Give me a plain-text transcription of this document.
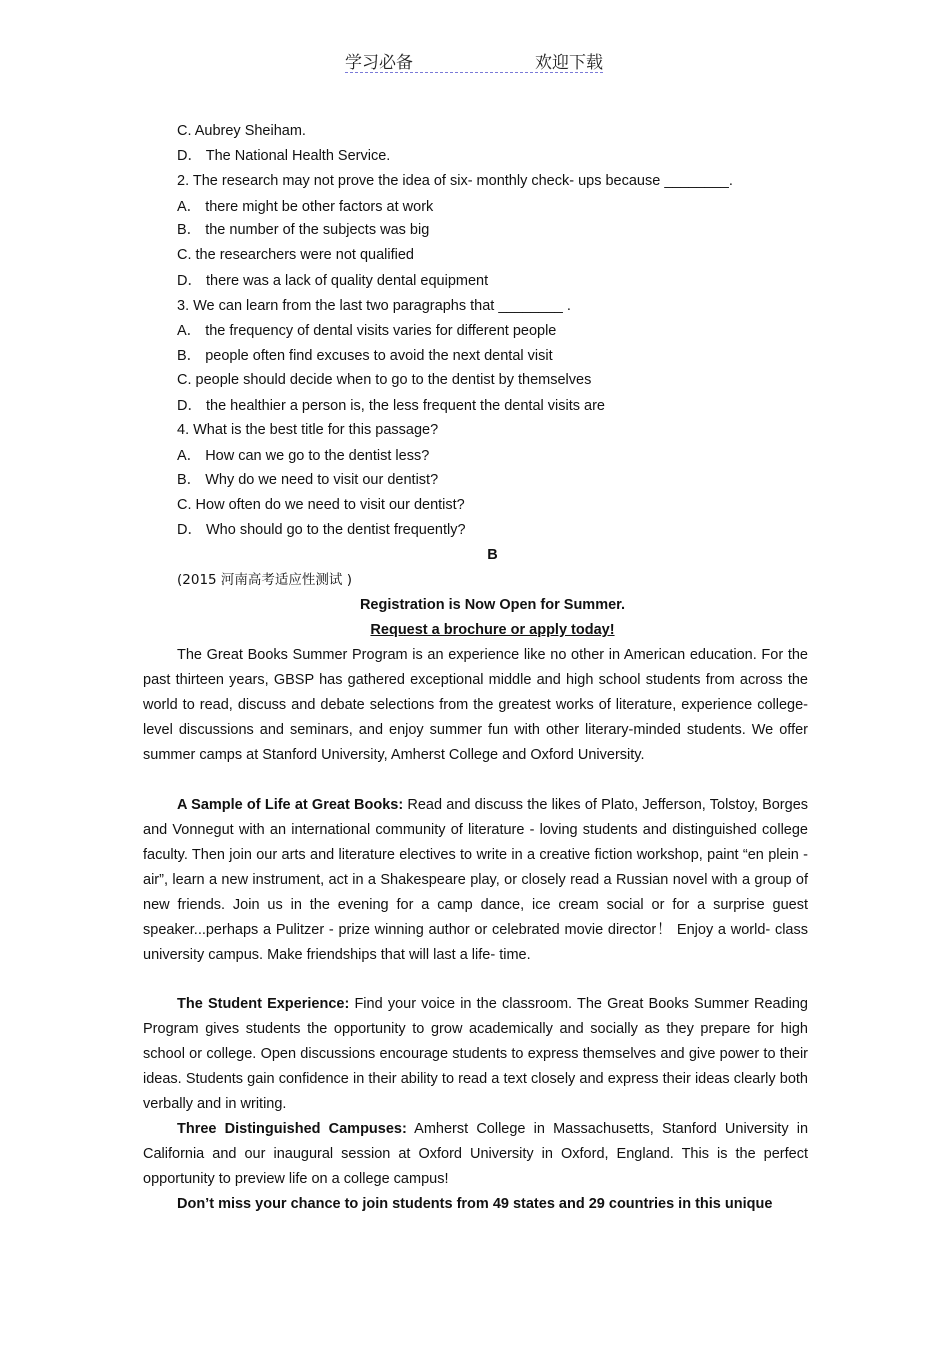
学习必备	欢迎下载
C. Aubrey Sheiham.
D． The National Health Service.
2. The research may not prove the idea of six- monthly check- ups because ________.
A． there might be other factors at work
B． the number of the subjects was big
C. the researchers were not qualified
D． there was a lack of quality dental equipment
3. We can learn from the last two paragraphs that ________ .
A． the frequency of dental visits varies for different people
B． people often find excuses to avoid the next dental visit
C. people should decide when to go to the dentist by themselves
D． the healthier a person is, the less frequent the dental visits are
4. What is the best title for this passage?
A． How can we go to the dentist less?
B． Why do we need to visit our dentist?
C. How often do we need to visit our dentist?
D． Who should go to the dentist frequently?
B
(2015 河南高考适应性测试 )
Registration is Now Open for Summer.
Request a brochure or apply today!
The Great Books Summer Program is an experience like no other in American education. For the past thirteen years, GBSP has gathered exceptional middle and high school students from across the world to read, discuss and debate selections from the greatest works of literature, experience college- level discussions and seminars, and enjoy summer fun with other literary-minded students. We offer summer camps at Stanford University, Amherst College and Oxford University.
A Sample of Life at Great Books: Read and discuss the likes of Plato, Jefferson, Tolstoy, Borges and Vonnegut with an international community of literature - loving students and distinguished college faculty. Then join our arts and literature electives to write in a creative fiction workshop, paint “en plein - air”, learn a new instrument, act in a Shakespeare play, or closely read a Russian novel with a group of new friends. Join us in the evening for a camp dance, ice cream social or for a surprise guest speaker...perhaps a Pulitzer - prize winning author or celebrated movie director！ Enjoy a world- class university campus. Make friendships that will last a life- time.
The Student Experience: Find your voice in the classroom. The Great Books Summer Reading Program gives students the opportunity to grow academically and socially as they prepare for high school or college. Open discussions encourage students to express themselves and give power to their ideas. Students gain confidence in their ability to read a text closely and express their ideas clearly both verbally and in writing.
Three Distinguished Campuses: Amherst College in Massachusetts, Stanford University in California and our inaugural session at Oxford University in Oxford, England. This is the perfect opportunity to preview life on a college campus!
Don’t miss your chance to join students from 49 states and 29 countries in this unique
